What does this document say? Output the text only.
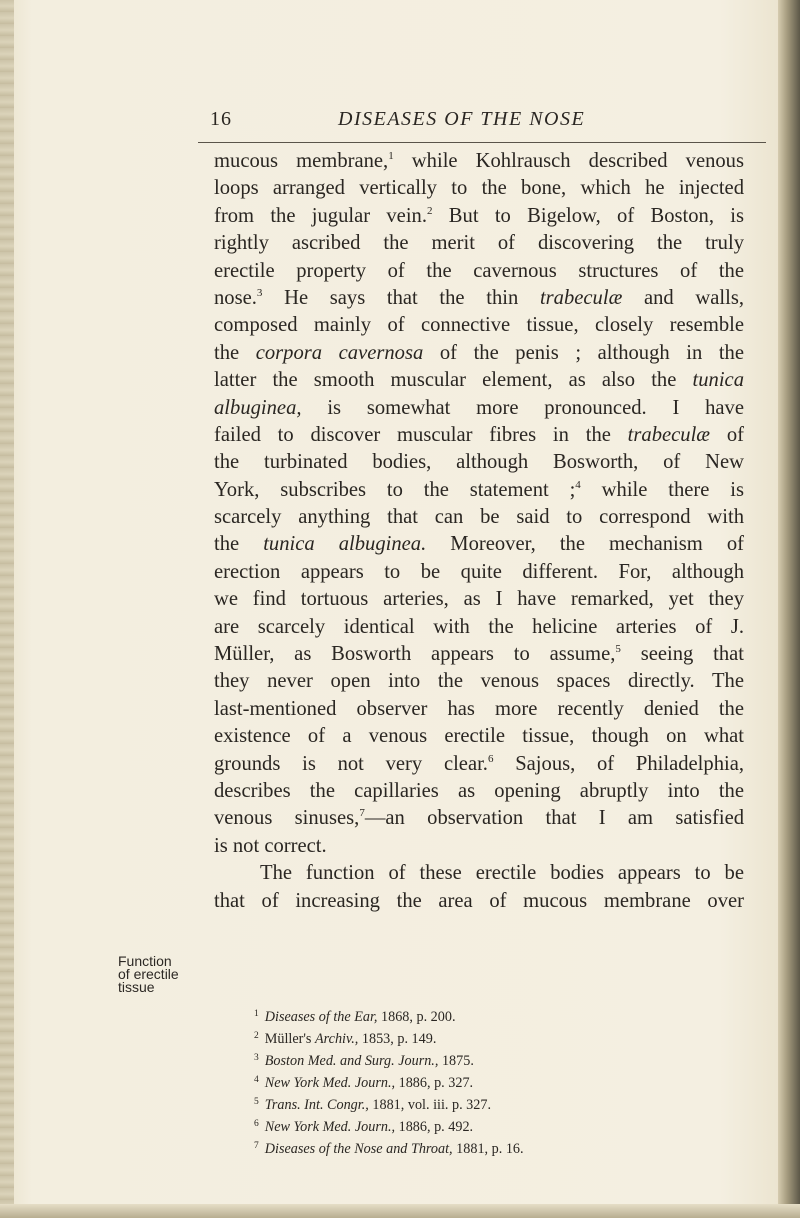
16	DISEASES OF THE NOSE
mucous membrane,$^1$ while Kohlrausch described venous
loops arranged vertically to the bone, which he injected
from the jugular vein.$^2$ But to Bigelow, of Boston, is
rightly ascribed the merit of discovering the truly
erectile property of the cavernous structures of the
nose.$^3$ He says that the thin trabeculæ and walls,
composed mainly of connective tissue, closely resemble
the corpora cavernosa of the penis ; although in the
latter the smooth muscular element, as also the tunica
albuginea, is somewhat more pronounced. I have
failed to discover muscular fibres in the trabeculæ of
the turbinated bodies, although Bosworth, of New
York, subscribes to the statement ;$^4$ while there is
scarcely anything that can be said to correspond with
the tunica albuginea. Moreover, the mechanism of
erection appears to be quite different. For, although
we find tortuous arteries, as I have remarked, yet they
are scarcely identical with the helicine arteries of J.
Müller, as Bosworth appears to assume,$^5$ seeing that
they never open into the venous spaces directly. The
last-mentioned observer has more recently denied the
existence of a venous erectile tissue, though on what
grounds is not very clear.$^6$ Sajous, of Philadelphia,
describes the capillaries as opening abruptly into the
venous sinuses,$^7$—an observation that I am satisfied
is not correct.
The function of these erectile bodies appears to be
that of increasing the area of mucous membrane over
Function
of erectile
tissue
$^1$ Diseases of the Ear, 1868, p. 200.
$^2$ Müller's Archiv., 1853, p. 149.
$^3$ Boston Med. and Surg. Journ., 1875.
$^4$ New York Med. Journ., 1886, p. 327.
$^5$ Trans. Int. Congr., 1881, vol. iii. p. 327.
$^6$ New York Med. Journ., 1886, p. 492.
$^7$ Diseases of the Nose and Throat, 1881, p. 16.
